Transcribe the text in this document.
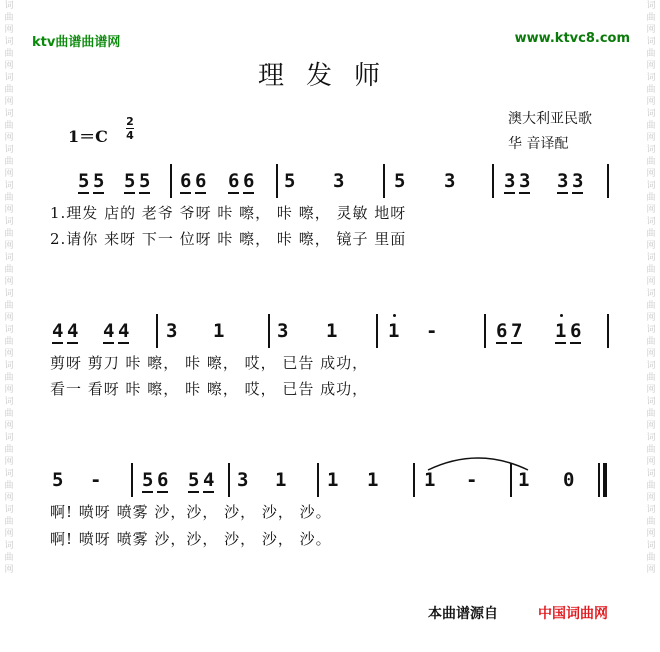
词
曲
网
词
曲
网
词
曲
网
词
曲
网
词
曲
网
词
曲
网
词
曲
网
词
曲
网
词
曲
网
词
曲
网
词
曲
网
词
曲
网
词
曲
网
词
曲
网
词
曲
网
词
曲
网
词
曲
网
词
曲
网
词
曲
网
词
曲
网
词
曲
网
词
曲
网
词
曲
网
词
曲
网
词
曲
网
词
曲
网
词
曲
网
词
曲
网
词
曲
网
词
曲
网
词
曲
网
词
曲
网
ktv曲谱曲谱网	www.ktvc8.com
理发师
澳大利亚民歌
华 音译配
1＝C
2
4
5 5 5 5 6 6 6 6 5 3	5 3	3 3 3 3
1.理发 店的 老爷 爷呀 咔 嚓， 咔 嚓， 灵敏 地呀
2.请你 来呀 下一 位呀 咔 嚓， 咔 嚓， 镜子 里面
4 4 4 4 3 1	3 1	1 -	6 7 1 6
剪呀 剪刀 咔 嚓， 咔 嚓， 哎， 已告 成功，
看一 看呀 咔 嚓， 咔 嚓， 哎， 已告 成功，
5 - 5 6 5 4 3 1 1 1 1 - 1 0
啊! 喷呀 喷雾 沙，沙， 沙， 沙， 沙。
啊! 喷呀 喷雾 沙，沙， 沙， 沙， 沙。
本曲谱源自	中国词曲网
